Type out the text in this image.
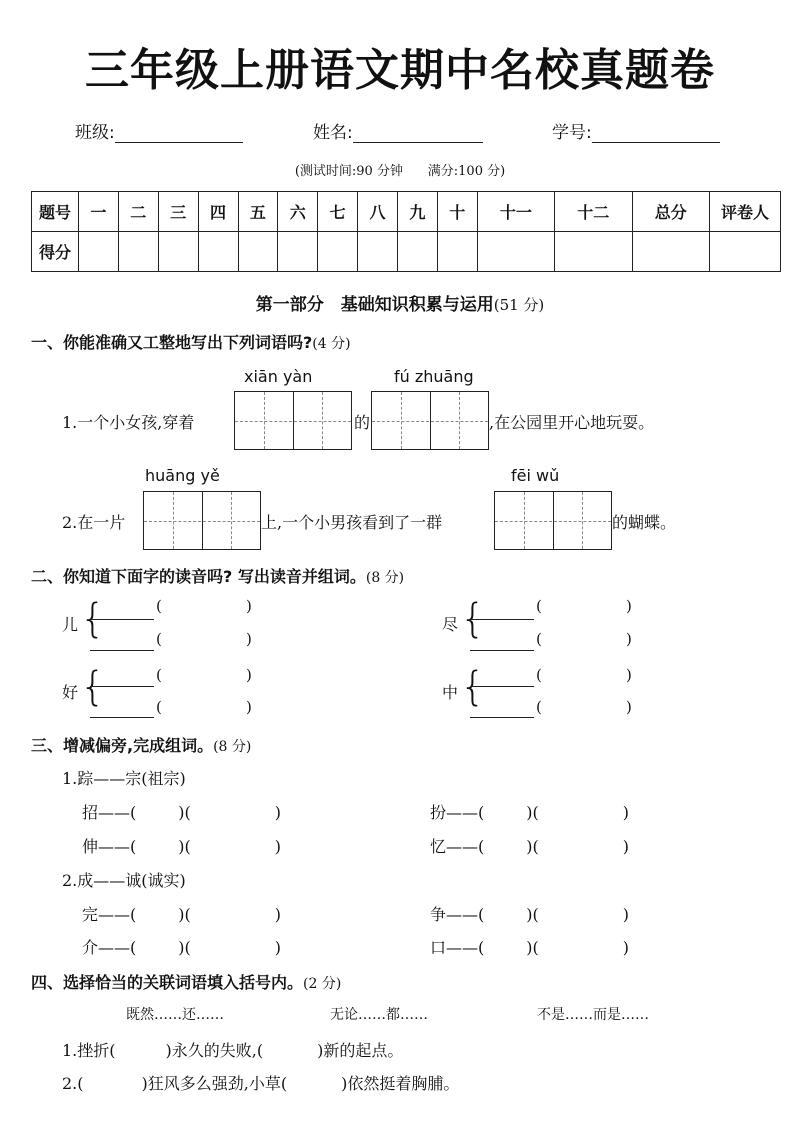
三年级上册语文期中名校真题卷
班级:	姓名:	学号:
(测试时间:90 分钟 满分:100 分)
题号	一	二	三	四	五	六	七	八	九	十	十一	十二	总分	评卷人
得分														
第一部分　基础知识积累与运用(51 分)
一、你能准确又工整地写出下列词语吗?(4 分)
xiān yàn	fú zhuāng
1.一个小女孩,穿着	的	,在公园里开心地玩耍。
huāng yě	fēi wǔ
2.在一片	上,一个小男孩看到了一群	的蝴蝶。
二、你知道下面字的读音吗? 写出读音并组词。(8 分)
儿 {	(	)
(	)
尽 {	(	)
(	)
好 {	(	)
(	)
中 {	(	)
(	)
三、增减偏旁,完成组词。(8 分)
1.踪——宗(祖宗)
招——(	)(	)	扮——(	)(	)
伸——(	)(	)	忆——(	)(	)
2.成——诚(诚实)
完——(	)(	)	争——(	)(	)
介——(	)(	)	口——(	)(	)
四、选择恰当的关联词语填入括号内。(2 分)
既然……还……	无论……都……	不是……而是……
1.挫折(	)永久的失败,(	)新的起点。
2.(	)狂风多么强劲,小草(	)依然挺着胸脯。
